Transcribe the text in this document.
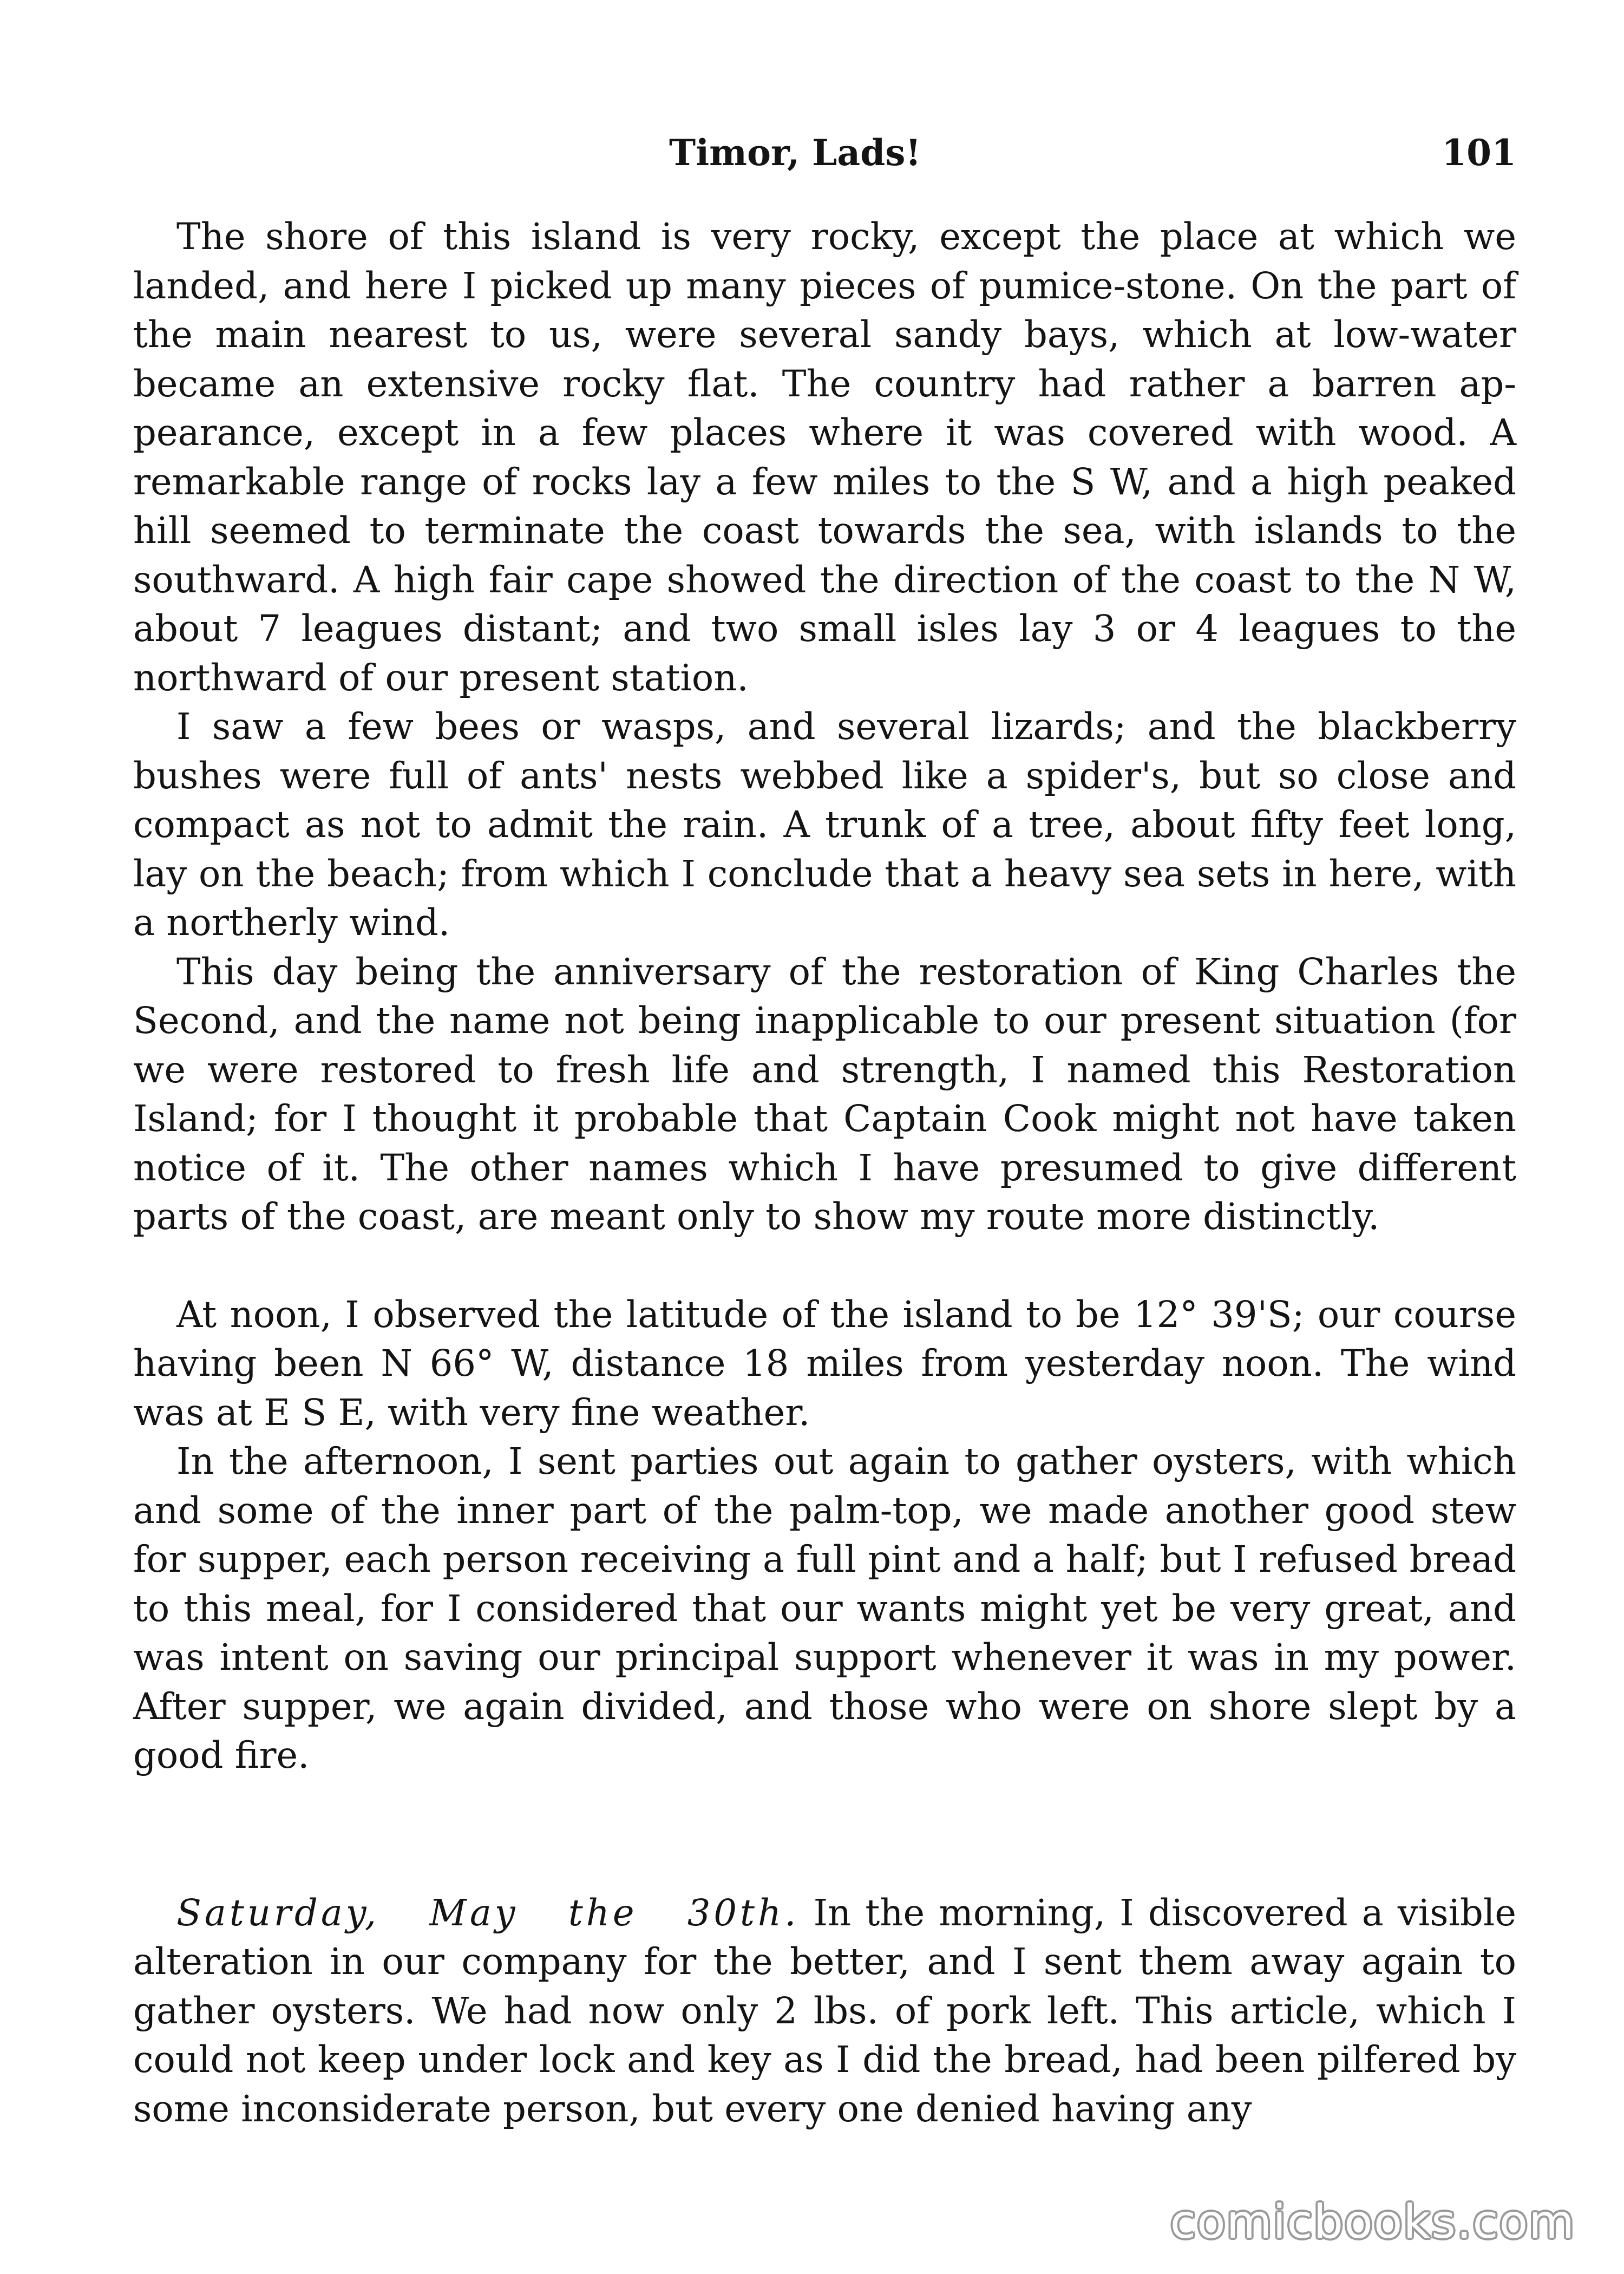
Timor, Lads!	101

The shore of this island is very rocky, except the place at which we landed, and here I picked up many pieces of pumice-stone. On the part of the main nearest to us, were several sandy bays, which at low-water became an extensive rocky flat. The country had rather a barren appearance, except in a few places where it was covered with wood. A remarkable range of rocks lay a few miles to the S W, and a high peaked hill seemed to terminate the coast towards the sea, with islands to the southward. A high fair cape showed the direction of the coast to the N W, about 7 leagues distant; and two small isles lay 3 or 4 leagues to the northward of our present station.

I saw a few bees or wasps, and several lizards; and the blackberry bushes were full of ants' nests webbed like a spider's, but so close and compact as not to admit the rain. A trunk of a tree, about fifty feet long, lay on the beach; from which I conclude that a heavy sea sets in here, with a northerly wind.

This day being the anniversary of the restoration of King Charles the Second, and the name not being inapplicable to our present situation (for we were restored to fresh life and strength, I named this Restoration Island; for I thought it probable that Captain Cook might not have taken notice of it. The other names which I have presumed to give different parts of the coast, are meant only to show my route more distinctly.

At noon, I observed the latitude of the island to be 12° 39'S; our course having been N 66° W, distance 18 miles from yesterday noon. The wind was at E S E, with very fine weather.

In the afternoon, I sent parties out again to gather oysters, with which and some of the inner part of the palm-top, we made another good stew for supper, each person receiving a full pint and a half; but I refused bread to this meal, for I considered that our wants might yet be very great, and was intent on saving our principal support whenever it was in my power. After supper, we again divided, and those who were on shore slept by a good fire.

Saturday, May the 30th. In the morning, I discovered a visible alteration in our company for the better, and I sent them away again to gather oysters. We had now only 2 lbs. of pork left. This article, which I could not keep under lock and key as I did the bread, had been pilfered by some inconsiderate person, but every one denied having any

comicbooks.com
